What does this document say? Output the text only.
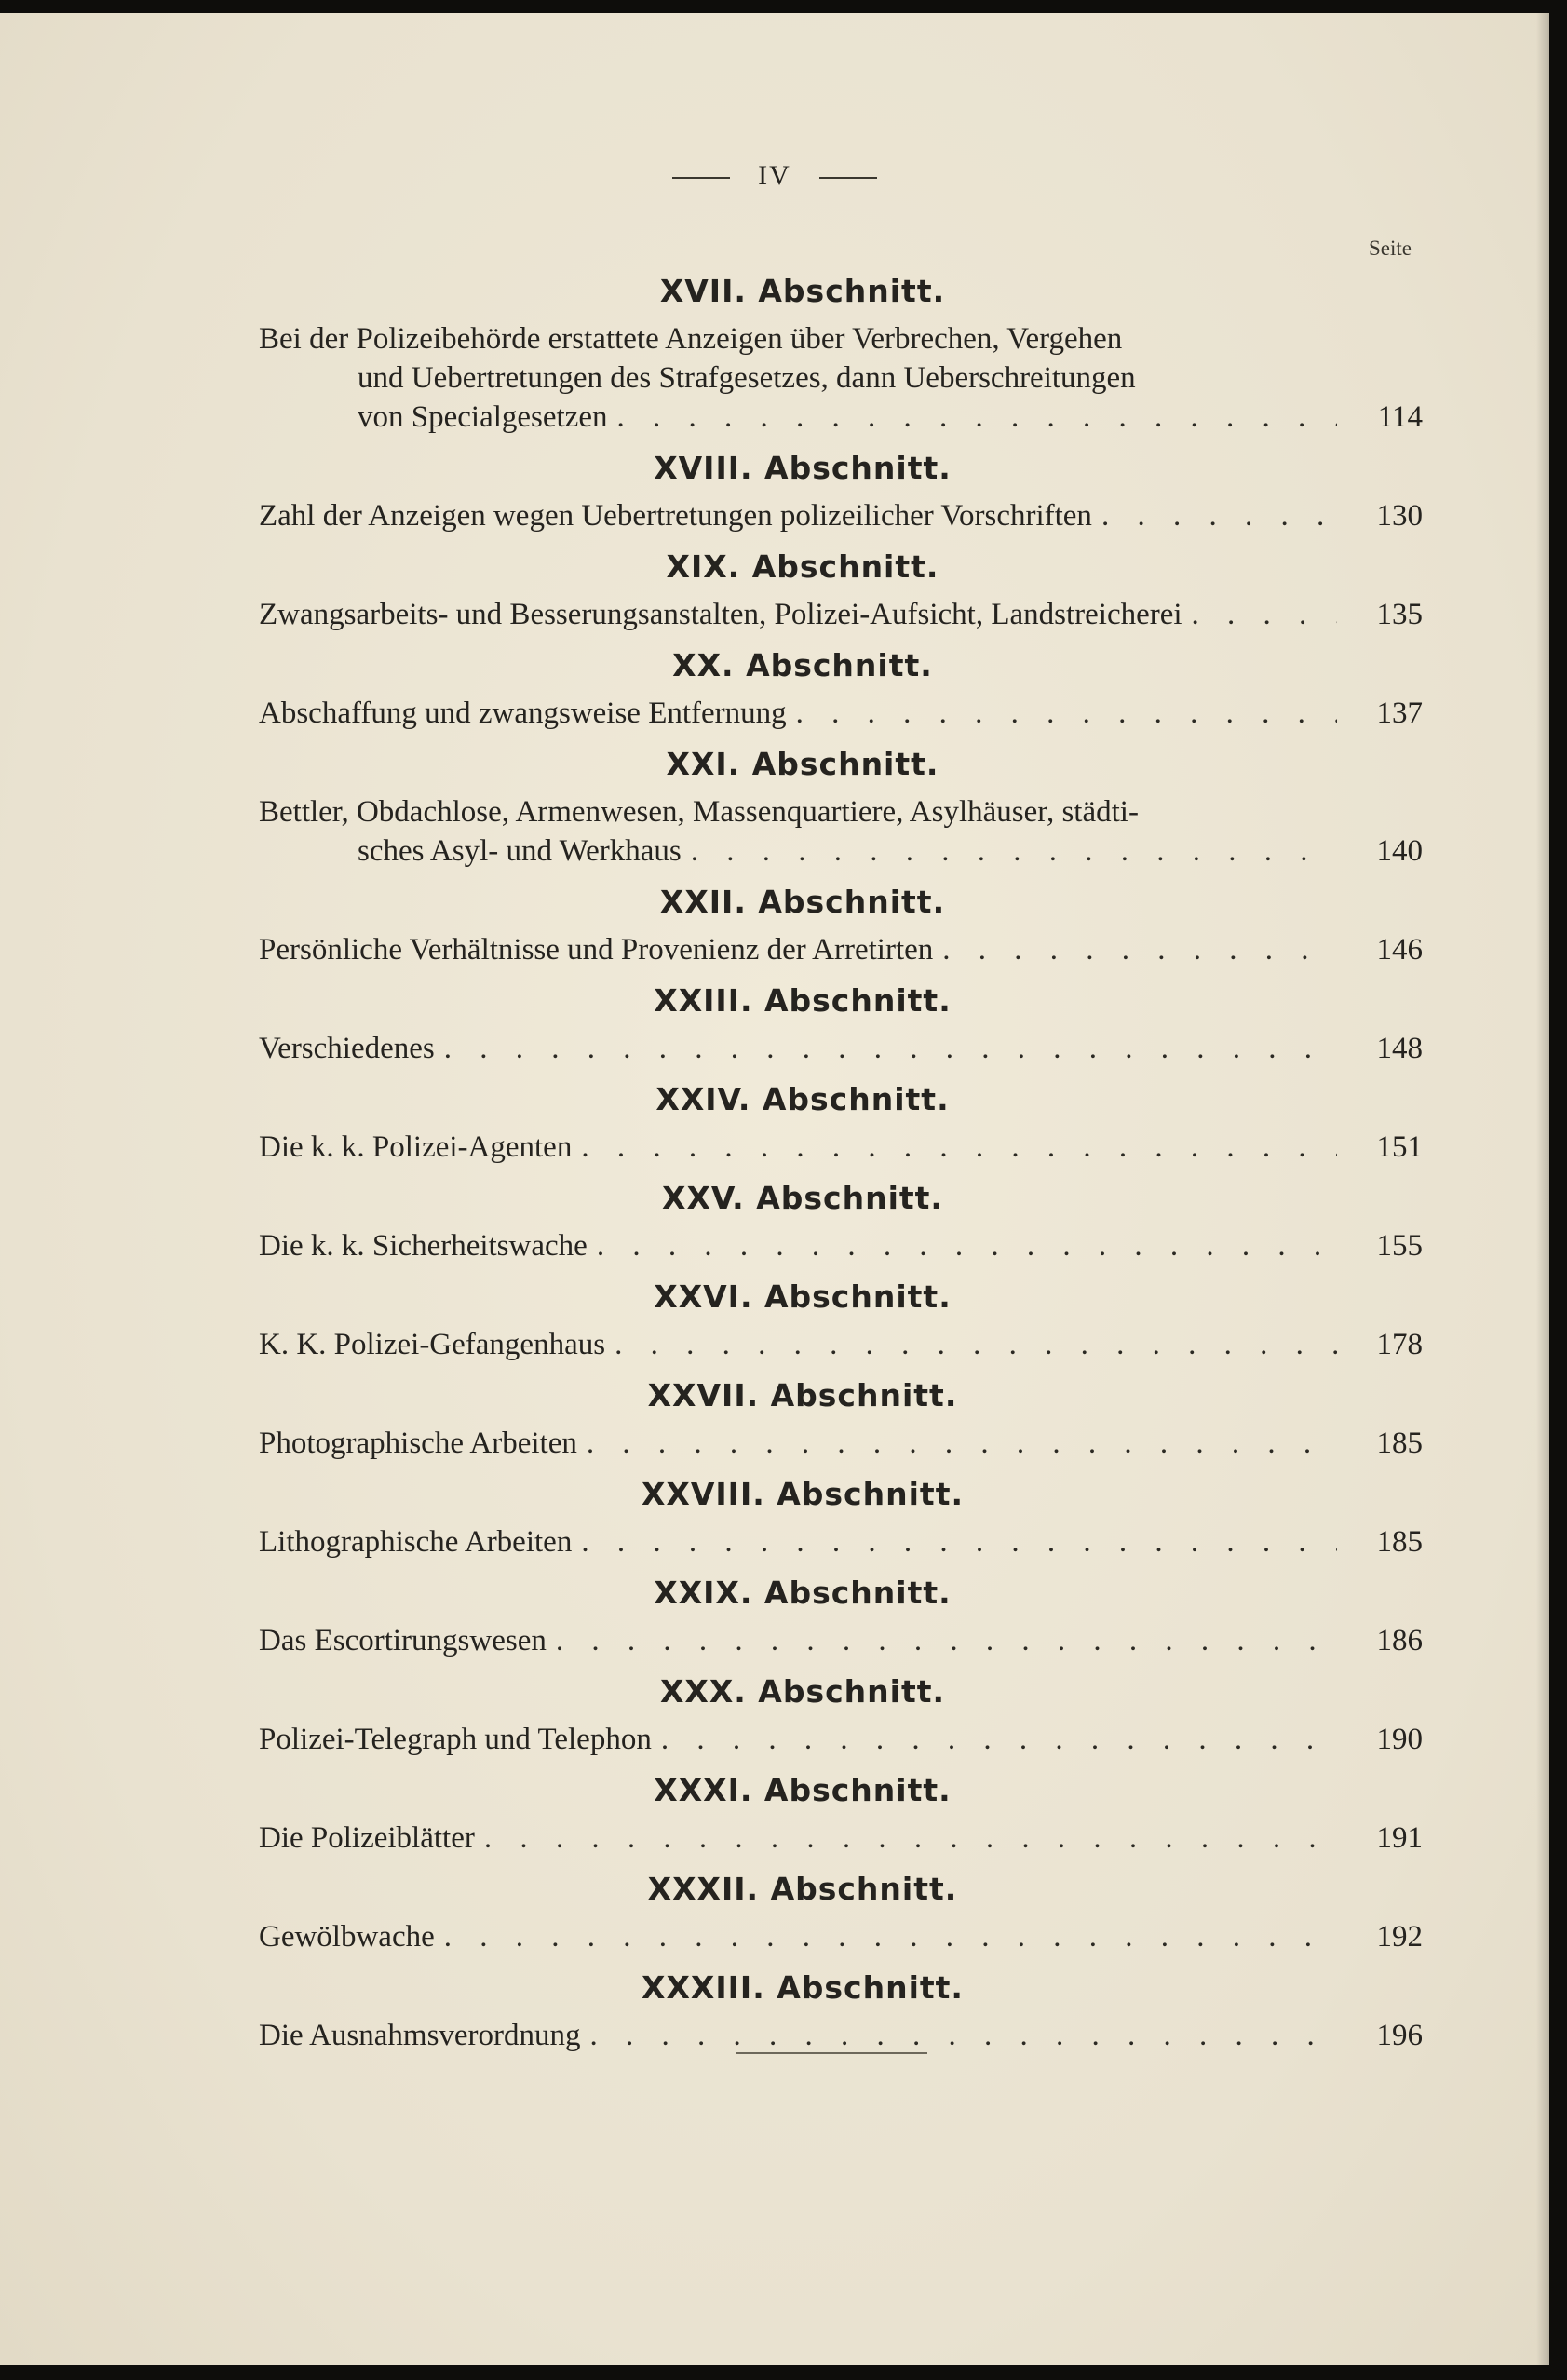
IV
Seite
XVII. Abschnitt.
Bei der Polizeibehörde erstattete Anzeigen über Verbrechen, Vergehen
und Uebertretungen des Strafgesetzes, dann Ueberschreitungen
von Specialgesetzen . . .	114
XVIII. Abschnitt.
Zahl der Anzeigen wegen Uebertretungen polizeilicher Vorschriften . . .	130
XIX. Abschnitt.
Zwangsarbeits- und Besserungsanstalten, Polizei-Aufsicht, Landstreicherei . . .	135
XX. Abschnitt.
Abschaffung und zwangsweise Entfernung . . .	137
XXI. Abschnitt.
Bettler, Obdachlose, Armenwesen, Massenquartiere, Asylhäuser, städti-
sches Asyl- und Werkhaus . . .	140
XXII. Abschnitt.
Persönliche Verhältnisse und Provenienz der Arretirten . . .	146
XXIII. Abschnitt.
Verschiedenes . . .	148
XXIV. Abschnitt.
Die k. k. Polizei-Agenten . . .	151
XXV. Abschnitt.
Die k. k. Sicherheitswache . . .	155
XXVI. Abschnitt.
K. K. Polizei-Gefangenhaus . . .	178
XXVII. Abschnitt.
Photographische Arbeiten . . .	185
XXVIII. Abschnitt.
Lithographische Arbeiten . . .	185
XXIX. Abschnitt.
Das Escortirungswesen . . .	186
XXX. Abschnitt.
Polizei-Telegraph und Telephon . . .	190
XXXI. Abschnitt.
Die Polizeiblätter . . .	191
XXXII. Abschnitt.
Gewölbwache . . .	192
XXXIII. Abschnitt.
Die Ausnahmsverordnung . . .	196
